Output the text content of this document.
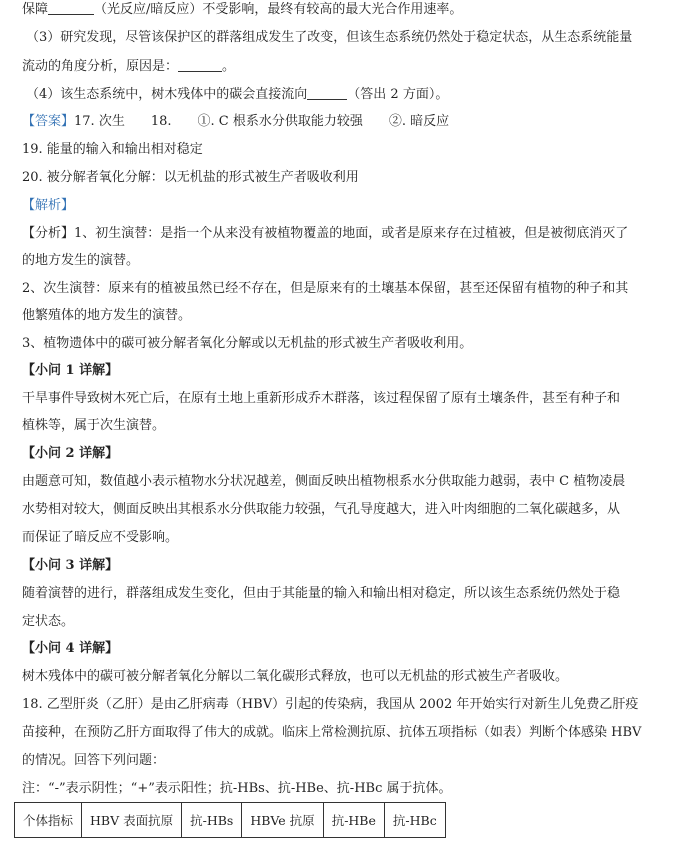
保障	（光反应/暗反应）不受影响，最终有较高的最大光合作用速率。
（3）研究发现，尽管该保护区的群落组成发生了改变，但该生态系统仍然处于稳定状态，从生态系统能量
流动的角度分析，原因是：	。
（4）该生态系统中，树木残体中的碳会直接流向	（答出 2 方面）。
【答案】17. 次生　　18.　　①. C 根系水分供取能力较强　　②. 暗反应
19. 能量的输入和输出相对稳定
20. 被分解者氧化分解：以无机盐的形式被生产者吸收利用
【解析】
【分析】1、初生演替：是指一个从来没有被植物覆盖的地面，或者是原来存在过植被，但是被彻底消灭了
的地方发生的演替。
2、次生演替：原来有的植被虽然已经不存在，但是原来有的土壤基本保留，甚至还保留有植物的种子和其
他繁殖体的地方发生的演替。
3、植物遗体中的碳可被分解者氧化分解或以无机盐的形式被生产者吸收利用。
【小问 1 详解】
干旱事件导致树木死亡后，在原有土地上重新形成乔木群落，该过程保留了原有土壤条件，甚至有种子和
植株等，属于次生演替。
【小问 2 详解】
由题意可知，数值越小表示植物水分状况越差，侧面反映出植物根系水分供取能力越弱，表中 C 植物凌晨
水势相对较大，侧面反映出其根系水分供取能力较强，气孔导度越大，进入叶肉细胞的二氧化碳越多，从
而保证了暗反应不受影响。
【小问 3 详解】
随着演替的进行，群落组成发生变化，但由于其能量的输入和输出相对稳定，所以该生态系统仍然处于稳
定状态。
【小问 4 详解】
树木残体中的碳可被分解者氧化分解以二氧化碳形式释放，也可以无机盐的形式被生产者吸收。
18. 乙型肝炎（乙肝）是由乙肝病毒（HBV）引起的传染病，我国从 2002 年开始实行对新生儿免费乙肝疫
苗接种，在预防乙肝方面取得了伟大的成就。临床上常检测抗原、抗体五项指标（如表）判断个体感染 HBV
的情况。回答下列问题：
注：“-”表示阴性；“+”表示阳性；抗-HBs、抗-HBe、抗-HBc 属于抗体。
个体指标	HBV 表面抗原	抗-HBs	HBVe 抗原	抗-HBe	抗-HBc
